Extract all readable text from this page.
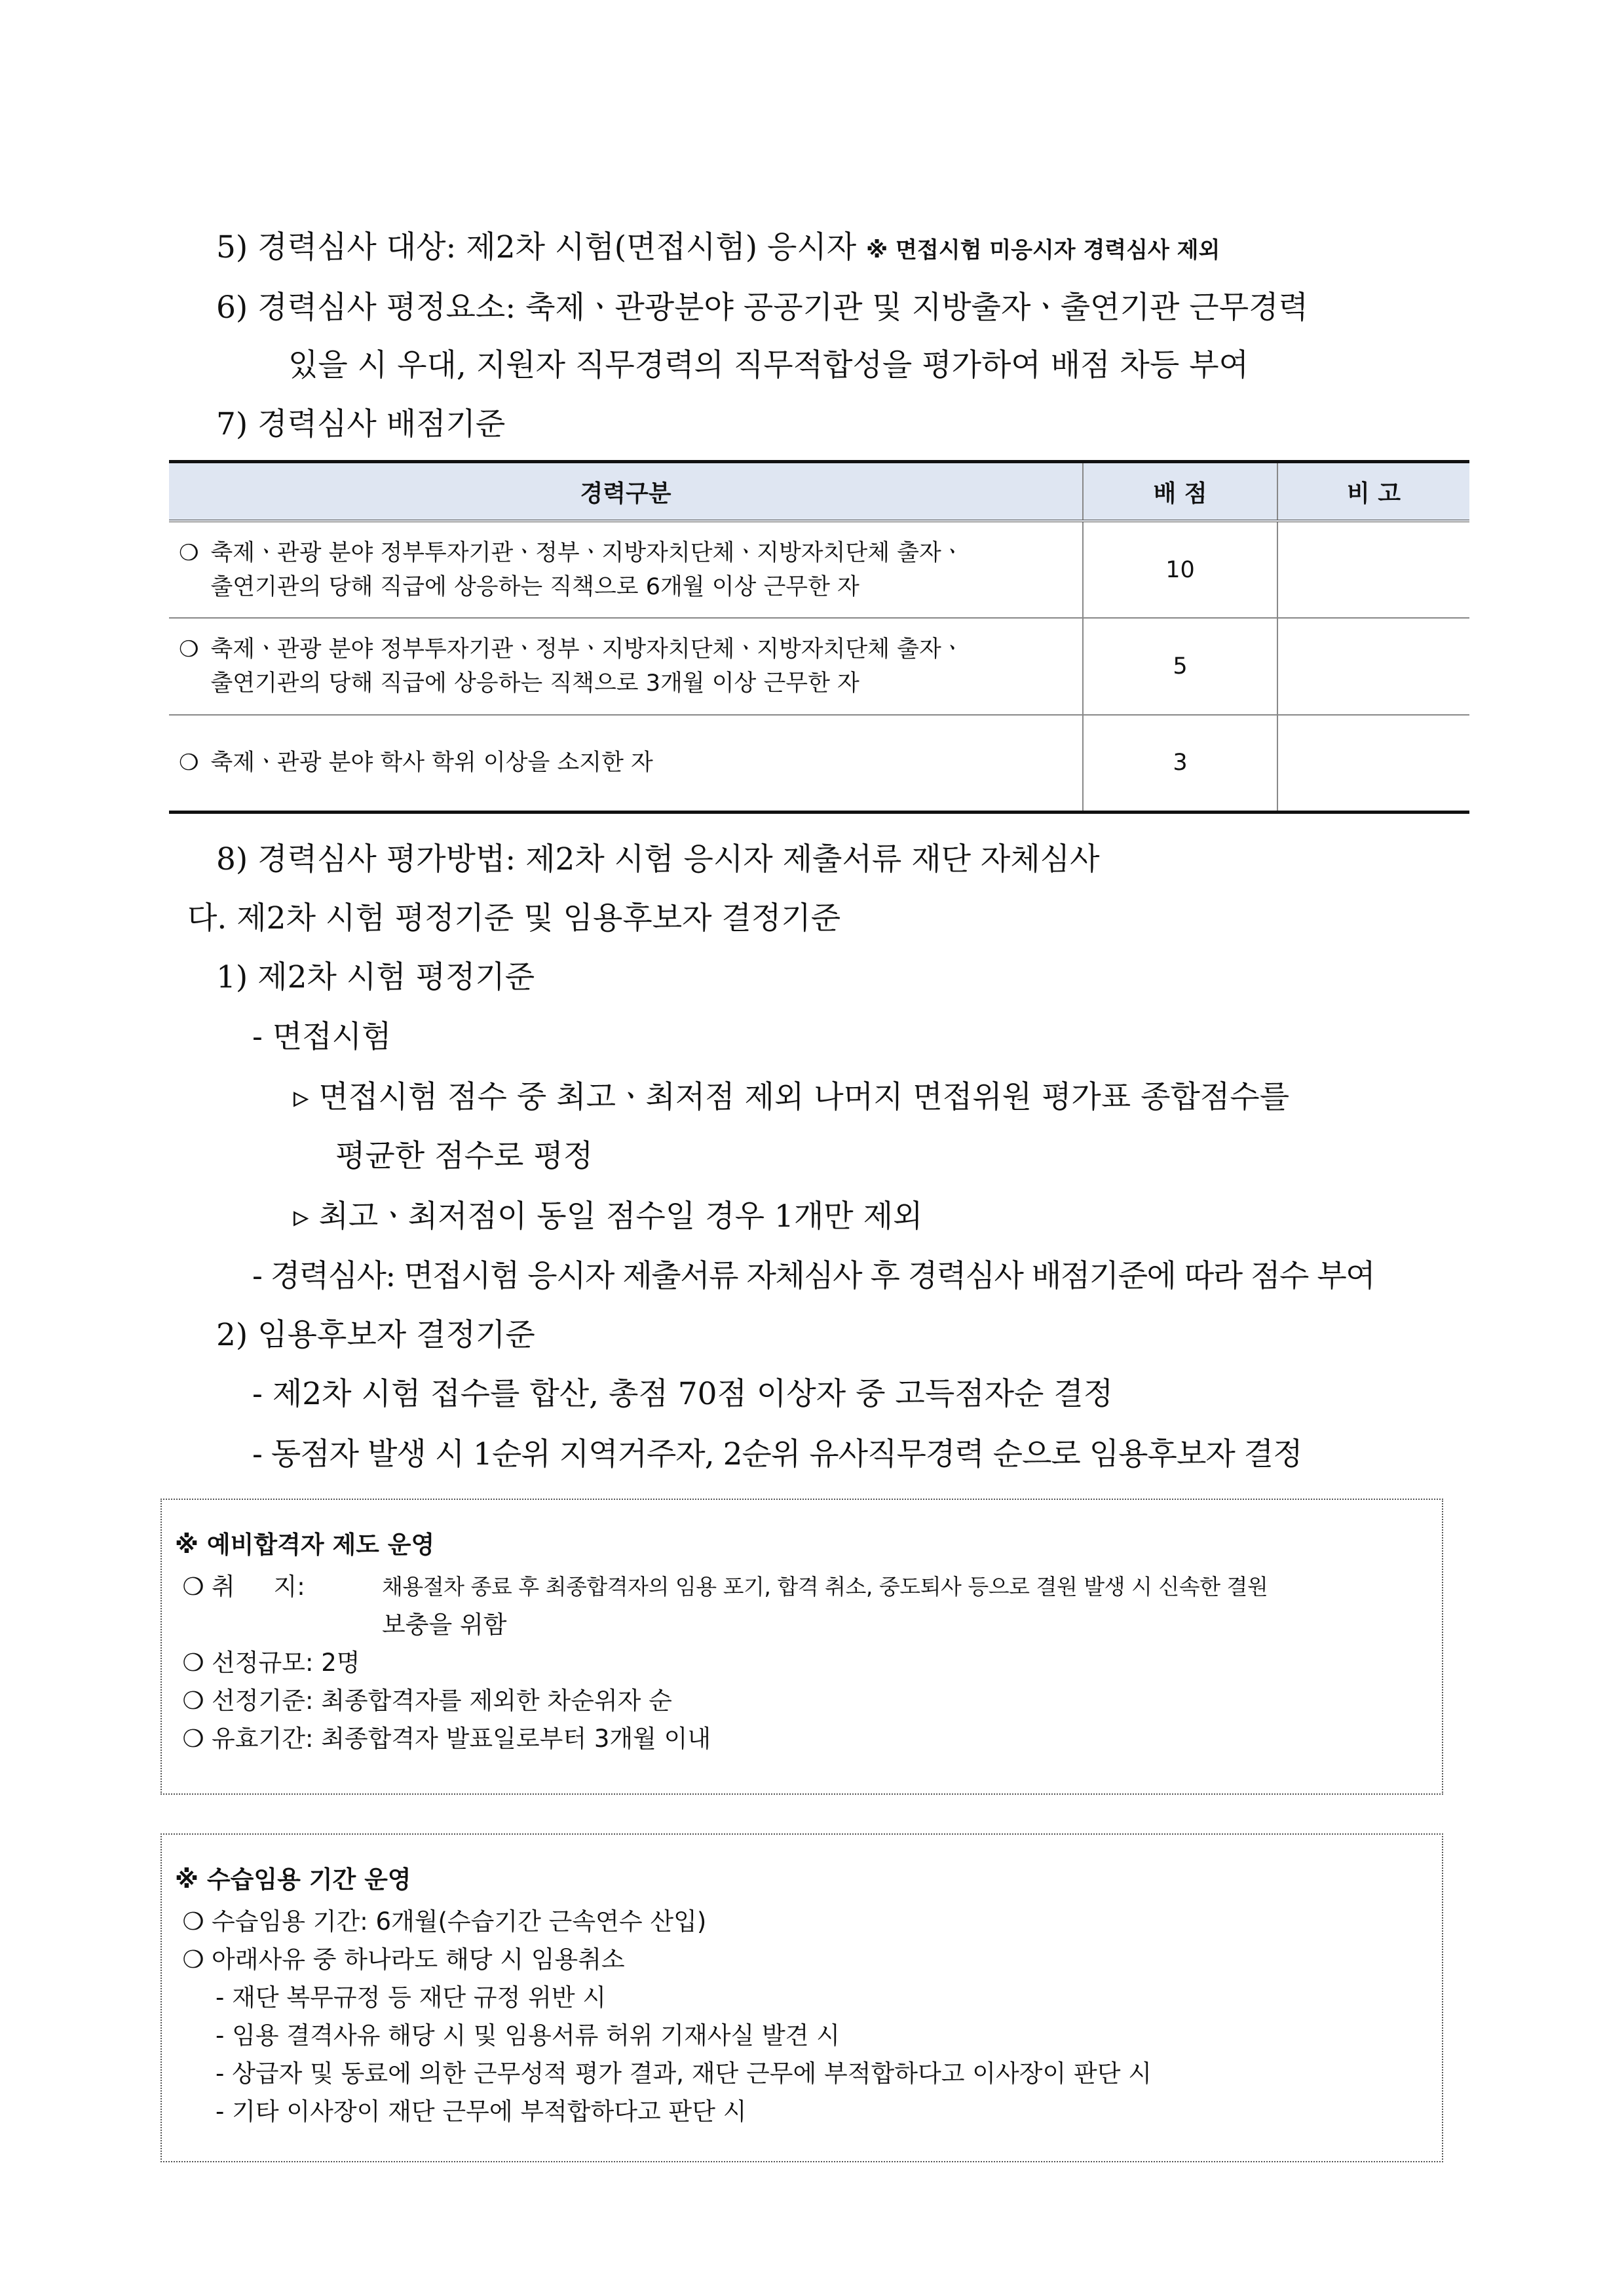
5) 경력심사 대상: 제2차 시험(면접시험) 응시자 ※ 면접시험 미응시자 경력심사 제외
6) 경력심사 평정요소: 축제ㆍ관광분야 공공기관 및 지방출자ㆍ출연기관 근무경력
있을 시 우대, 지원자 직무경력의 직무적합성을 평가하여 배점 차등 부여
7) 경력심사 배점기준
경력구분	배 점	비 고

❍ 축제ㆍ관광 분야 정부투자기관ㆍ정부ㆍ지방자치단체ㆍ지방자치단체 출자ㆍ
출연기관의 당해 직급에 상응하는 직책으로 6개월 이상 근무한 자	10	

❍ 축제ㆍ관광 분야 정부투자기관ㆍ정부ㆍ지방자치단체ㆍ지방자치단체 출자ㆍ
출연기관의 당해 직급에 상응하는 직책으로 3개월 이상 근무한 자	5	

❍ 축제ㆍ관광 분야 학사 학위 이상을 소지한 자	3	
8) 경력심사 평가방법: 제2차 시험 응시자 제출서류 재단 자체심사
다. 제2차 시험 평정기준 및 임용후보자 결정기준
1) 제2차 시험 평정기준
- 면접시험
▹ 면접시험 점수 중 최고ㆍ최저점 제외 나머지 면접위원 평가표 종합점수를
평균한 점수로 평정
▹ 최고ㆍ최저점이 동일 점수일 경우 1개만 제외
- 경력심사: 면접시험 응시자 제출서류 자체심사 후 경력심사 배점기준에 따라 점수 부여
2) 임용후보자 결정기준
- 제2차 시험 접수를 합산, 총점 70점 이상자 중 고득점자순 결정
- 동점자 발생 시 1순위 지역거주자, 2순위 유사직무경력 순으로 임용후보자 결정
※ 예비합격자 제도 운영
❍ 취     지:	채용절차 종료 후 최종합격자의 임용 포기, 합격 취소, 중도퇴사 등으로 결원 발생 시 신속한 결원
보충을 위함
❍ 선정규모: 2명
❍ 선정기준: 최종합격자를 제외한 차순위자 순
❍ 유효기간: 최종합격자 발표일로부터 3개월 이내
※ 수습임용 기간 운영
❍ 수습임용 기간: 6개월(수습기간 근속연수 산입)
❍ 아래사유 중 하나라도 해당 시 임용취소
- 재단 복무규정 등 재단 규정 위반 시
- 임용 결격사유 해당 시 및 임용서류 허위 기재사실 발견 시
- 상급자 및 동료에 의한 근무성적 평가 결과, 재단 근무에 부적합하다고 이사장이 판단 시
- 기타 이사장이 재단 근무에 부적합하다고 판단 시
